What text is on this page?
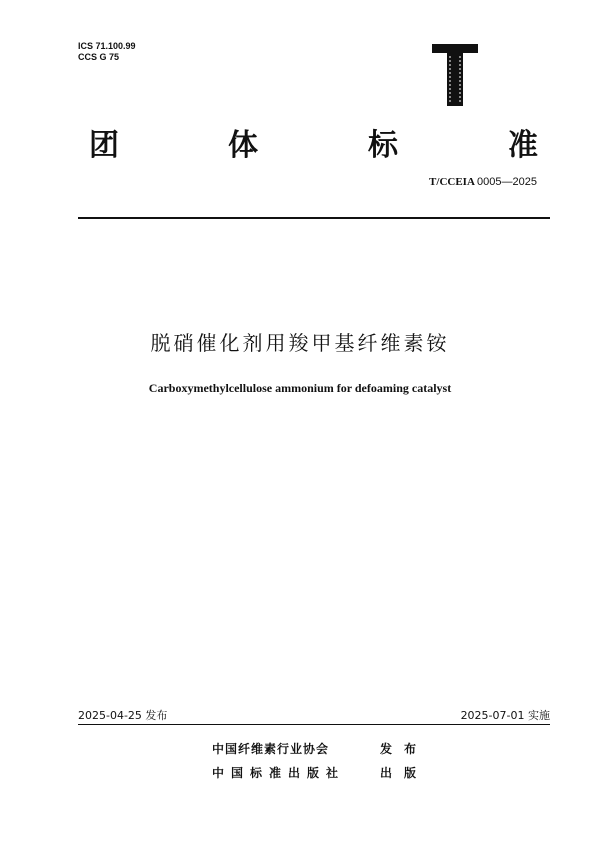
ICS 71.100.99
CCS G 75
团	体	标	准
T/CCEIA 0005—2025
脱硝催化剂用羧甲基纤维素铵
Carboxymethylcellulose ammonium for defoaming catalyst
2025-04-25 发布	2025-07-01 实施
中国纤维素行业协会	发布
中国标准出版社	出版
